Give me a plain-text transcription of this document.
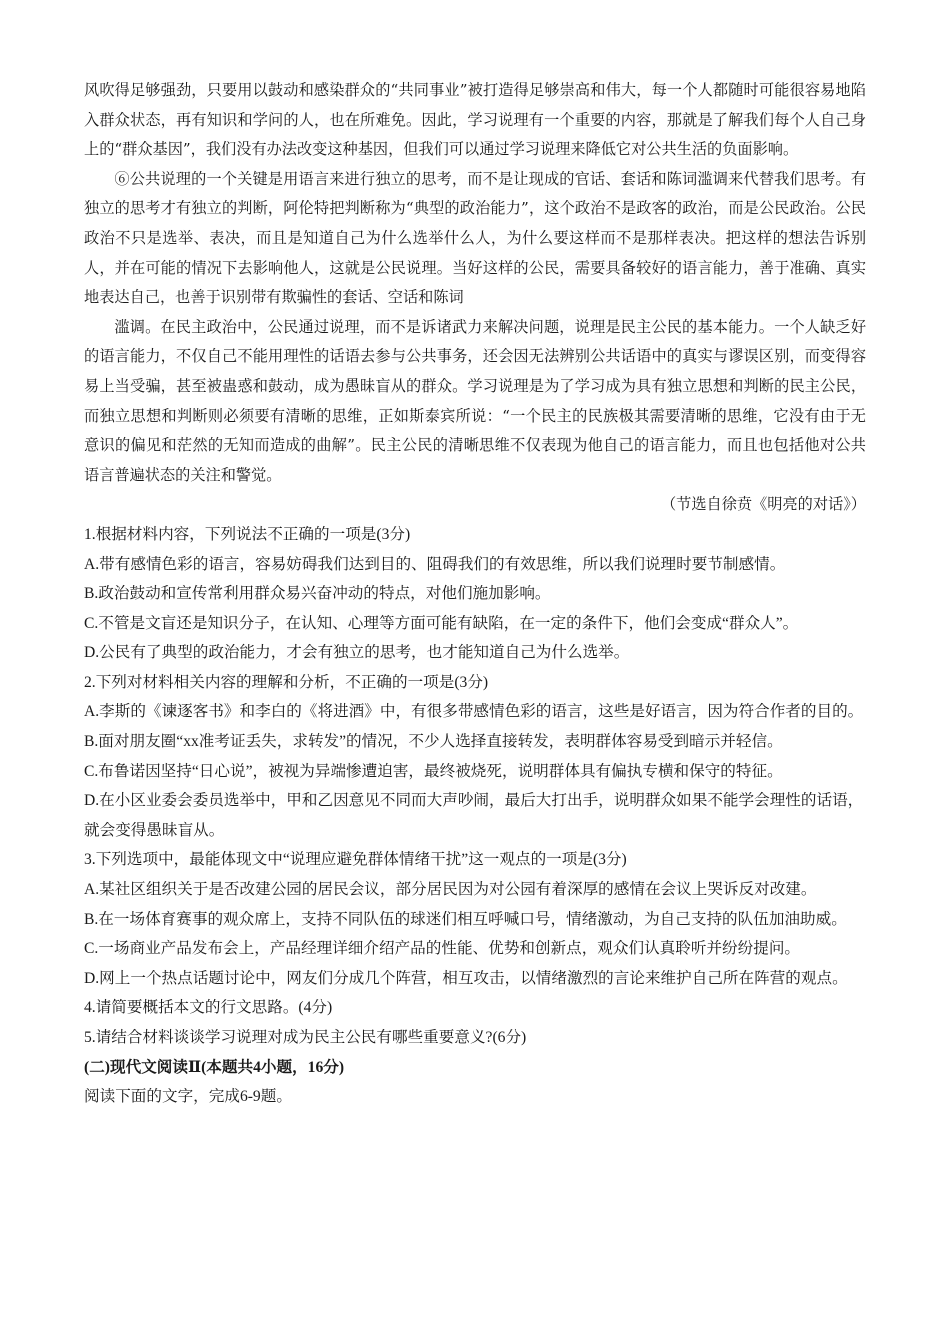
风吹得足够强劲，只要用以鼓动和感染群众的“共同事业”被打造得足够崇高和伟大，每一个人都随时可能很容易地陷入群众状态，再有知识和学问的人，也在所难免。因此，学习说理有一个重要的内容，那就是了解我们每个人自己身上的“群众基因”，我们没有办法改变这种基因，但我们可以通过学习说理来降低它对公共生活的负面影响。

⑥公共说理的一个关键是用语言来进行独立的思考，而不是让现成的官话、套话和陈词滥调来代替我们思考。有独立的思考才有独立的判断，阿伦特把判断称为“典型的政治能力”，这个政治不是政客的政治，而是公民政治。公民政治不只是选举、表决，而且是知道自己为什么选举什么人，为什么要这样而不是那样表决。把这样的想法告诉别人，并在可能的情况下去影响他人，这就是公民说理。当好这样的公民，需要具备较好的语言能力，善于准确、真实地表达自己，也善于识别带有欺骗性的套话、空话和陈词

滥调。在民主政治中，公民通过说理，而不是诉诸武力来解决问题，说理是民主公民的基本能力。一个人缺乏好的语言能力，不仅自己不能用理性的话语去参与公共事务，还会因无法辨别公共话语中的真实与谬误区别，而变得容易上当受骗，甚至被蛊惑和鼓动，成为愚昧盲从的群众。学习说理是为了学习成为具有独立思想和判断的民主公民，而独立思想和判断则必须要有清晰的思维，正如斯泰宾所说：“一个民主的民族极其需要清晰的思维，它没有由于无意识的偏见和茫然的无知而造成的曲解”。民主公民的清晰思维不仅表现为他自己的语言能力，而且也包括他对公共语言普遍状态的关注和警觉。

（节选自徐贲《明亮的对话》）

1.根据材料内容，下列说法不正确的一项是(3分)

A.带有感情色彩的语言，容易妨碍我们达到目的、阻碍我们的有效思维，所以我们说理时要节制感情。

B.政治鼓动和宣传常利用群众易兴奋冲动的特点，对他们施加影响。

C.不管是文盲还是知识分子，在认知、心理等方面可能有缺陷，在一定的条件下，他们会变成“群众人”。

D.公民有了典型的政治能力，才会有独立的思考，也才能知道自己为什么选举。

2.下列对材料相关内容的理解和分析，不正确的一项是(3分)

A.李斯的《谏逐客书》和李白的《将进酒》中，有很多带感情色彩的语言，这些是好语言，因为符合作者的目的。

B.面对朋友圈“xx准考证丢失，求转发”的情况，不少人选择直接转发，表明群体容易受到暗示并轻信。

C.布鲁诺因坚持“日心说”，被视为异端惨遭迫害，最终被烧死，说明群体具有偏执专横和保守的特征。

D.在小区业委会委员选举中，甲和乙因意见不同而大声吵闹，最后大打出手，说明群众如果不能学会理性的话语，就会变得愚昧盲从。

3.下列选项中，最能体现文中“说理应避免群体情绪干扰”这一观点的一项是(3分)

A.某社区组织关于是否改建公园的居民会议，部分居民因为对公园有着深厚的感情在会议上哭诉反对改建。

B.在一场体育赛事的观众席上，支持不同队伍的球迷们相互呼喊口号，情绪激动，为自己支持的队伍加油助威。

C.一场商业产品发布会上，产品经理详细介绍产品的性能、优势和创新点，观众们认真聆听并纷纷提问。

D.网上一个热点话题讨论中，网友们分成几个阵营，相互攻击，以情绪激烈的言论来维护自己所在阵营的观点。

4.请简要概括本文的行文思路。(4分)

5.请结合材料谈谈学习说理对成为民主公民有哪些重要意义?(6分)

(二)现代文阅读Ⅱ(本题共4小题，16分)

阅读下面的文字，完成6-9题。
